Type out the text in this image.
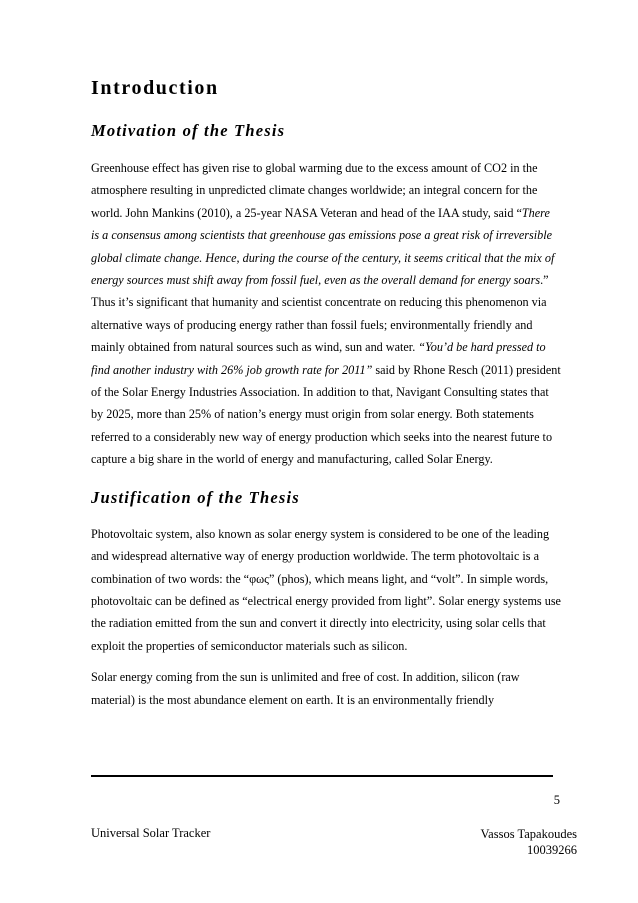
Introduction
Motivation of the Thesis

Greenhouse effect has given rise to global warming due to the excess amount of CO2 in the atmosphere resulting in unpredicted climate changes worldwide; an integral concern for the world. John Mankins (2010), a 25-year NASA Veteran and head of the IAA study, said “There is a consensus among scientists that greenhouse gas emissions pose a great risk of irreversible global climate change. Hence, during the course of the century, it seems critical that the mix of energy sources must shift away from fossil fuel, even as the overall demand for energy soars.” Thus it’s significant that humanity and scientist concentrate on reducing this phenomenon via alternative ways of producing energy rather than fossil fuels; environmentally friendly and mainly obtained from natural sources such as wind, sun and water. “You’d be hard pressed to find another industry with 26% job growth rate for 2011” said by Rhone Resch (2011) president of the Solar Energy Industries Association. In addition to that, Navigant Consulting states that by 2025, more than 25% of nation’s energy must origin from solar energy. Both statements referred to a considerably new way of energy production which seeks into the nearest future to capture a big share in the world of energy and manufacturing, called Solar Energy.

Justification of the Thesis

Photovoltaic system, also known as solar energy system is considered to be one of the leading and widespread alternative way of energy production worldwide. The term photovoltaic is a combination of two words: the “φως” (phos), which means light, and “volt”. In simple words, photovoltaic can be defined as “electrical energy provided from light”. Solar energy systems use the radiation emitted from the sun and convert it directly into electricity, using solar cells that exploit the properties of semiconductor materials such as silicon.

Solar energy coming from the sun is unlimited and free of cost. In addition, silicon (raw material) is the most abundance element on earth. It is an environmentally friendly

5
Universal Solar Tracker	Vassos Tapakoudes
10039266
